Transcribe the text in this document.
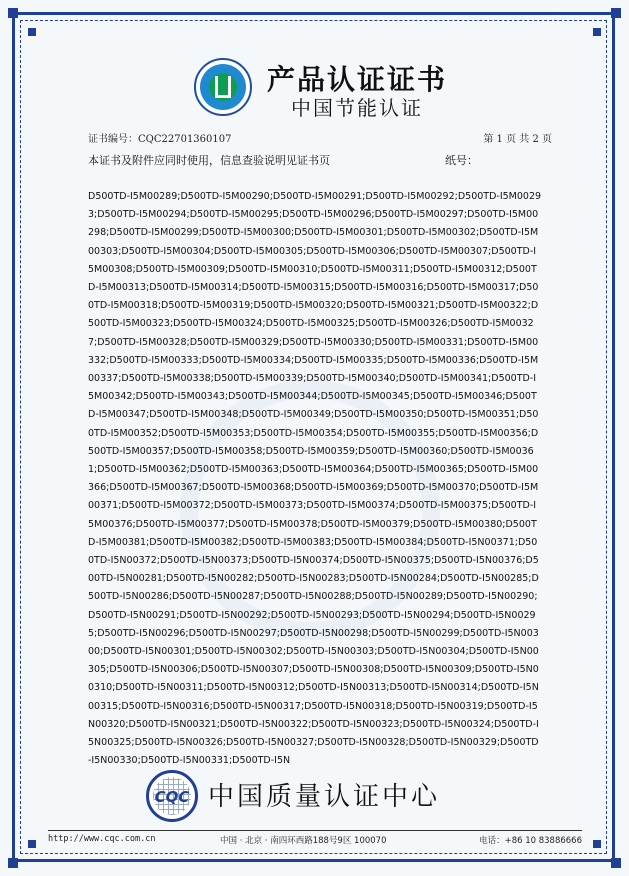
产品认证证书
中国节能认证
证书编号：CQC22701360107	第 1 页 共 2 页
本证书及附件应同时使用，信息查验说明见证书页	纸号：
D500TD-I5M00289;D500TD-I5M00290;D500TD-I5M00291;D500TD-I5M00292;D500TD-I5M00293;D500TD-I5M00294;D500TD-I5M00295;D500TD-I5M00296;D500TD-I5M00297;D500TD-I5M00298;D500TD-I5M00299;D500TD-I5M00300;D500TD-I5M00301;D500TD-I5M00302;D500TD-I5M00303;D500TD-I5M00304;D500TD-I5M00305;D500TD-I5M00306;D500TD-I5M00307;D500TD-I5M00308;D500TD-I5M00309;D500TD-I5M00310;D500TD-I5M00311;D500TD-I5M00312;D500TD-I5M00313;D500TD-I5M00314;D500TD-I5M00315;D500TD-I5M00316;D500TD-I5M00317;D500TD-I5M00318;D500TD-I5M00319;D500TD-I5M00320;D500TD-I5M00321;D500TD-I5M00322;D500TD-I5M00323;D500TD-I5M00324;D500TD-I5M00325;D500TD-I5M00326;D500TD-I5M00327;D500TD-I5M00328;D500TD-I5M00329;D500TD-I5M00330;D500TD-I5M00331;D500TD-I5M00332;D500TD-I5M00333;D500TD-I5M00334;D500TD-I5M00335;D500TD-I5M00336;D500TD-I5M00337;D500TD-I5M00338;D500TD-I5M00339;D500TD-I5M00340;D500TD-I5M00341;D500TD-I5M00342;D500TD-I5M00343;D500TD-I5M00344;D500TD-I5M00345;D500TD-I5M00346;D500TD-I5M00347;D500TD-I5M00348;D500TD-I5M00349;D500TD-I5M00350;D500TD-I5M00351;D500TD-I5M00352;D500TD-I5M00353;D500TD-I5M00354;D500TD-I5M00355;D500TD-I5M00356;D500TD-I5M00357;D500TD-I5M00358;D500TD-I5M00359;D500TD-I5M00360;D500TD-I5M00361;D500TD-I5M00362;D500TD-I5M00363;D500TD-I5M00364;D500TD-I5M00365;D500TD-I5M00366;D500TD-I5M00367;D500TD-I5M00368;D500TD-I5M00369;D500TD-I5M00370;D500TD-I5M00371;D500TD-I5M00372;D500TD-I5M00373;D500TD-I5M00374;D500TD-I5M00375;D500TD-I5M00376;D500TD-I5M00377;D500TD-I5M00378;D500TD-I5M00379;D500TD-I5M00380;D500TD-I5M00381;D500TD-I5M00382;D500TD-I5M00383;D500TD-I5M00384;D500TD-I5N00371;D500TD-I5N00372;D500TD-I5N00373;D500TD-I5N00374;D500TD-I5N00375;D500TD-I5N00376;D500TD-I5N00281;D500TD-I5N00282;D500TD-I5N00283;D500TD-I5N00284;D500TD-I5N00285;D500TD-I5N00286;D500TD-I5N00287;D500TD-I5N00288;D500TD-I5N00289;D500TD-I5N00290;D500TD-I5N00291;D500TD-I5N00292;D500TD-I5N00293;D500TD-I5N00294;D500TD-I5N00295;D500TD-I5N00296;D500TD-I5N00297;D500TD-I5N00298;D500TD-I5N00299;D500TD-I5N00300;D500TD-I5N00301;D500TD-I5N00302;D500TD-I5N00303;D500TD-I5N00304;D500TD-I5N00305;D500TD-I5N00306;D500TD-I5N00307;D500TD-I5N00308;D500TD-I5N00309;D500TD-I5N00310;D500TD-I5N00311;D500TD-I5N00312;D500TD-I5N00313;D500TD-I5N00314;D500TD-I5N00315;D500TD-I5N00316;D500TD-I5N00317;D500TD-I5N00318;D500TD-I5N00319;D500TD-I5N00320;D500TD-I5N00321;D500TD-I5N00322;D500TD-I5N00323;D500TD-I5N00324;D500TD-I5N00325;D500TD-I5N00326;D500TD-I5N00327;D500TD-I5N00328;D500TD-I5N00329;D500TD-I5N00330;D500TD-I5N00331;D500TD-I5N
CQC 中国质量认证中心
http://www.cqc.com.cn	中国 · 北京 · 南四环西路188号9区 100070	电话：+86 10 83886666
